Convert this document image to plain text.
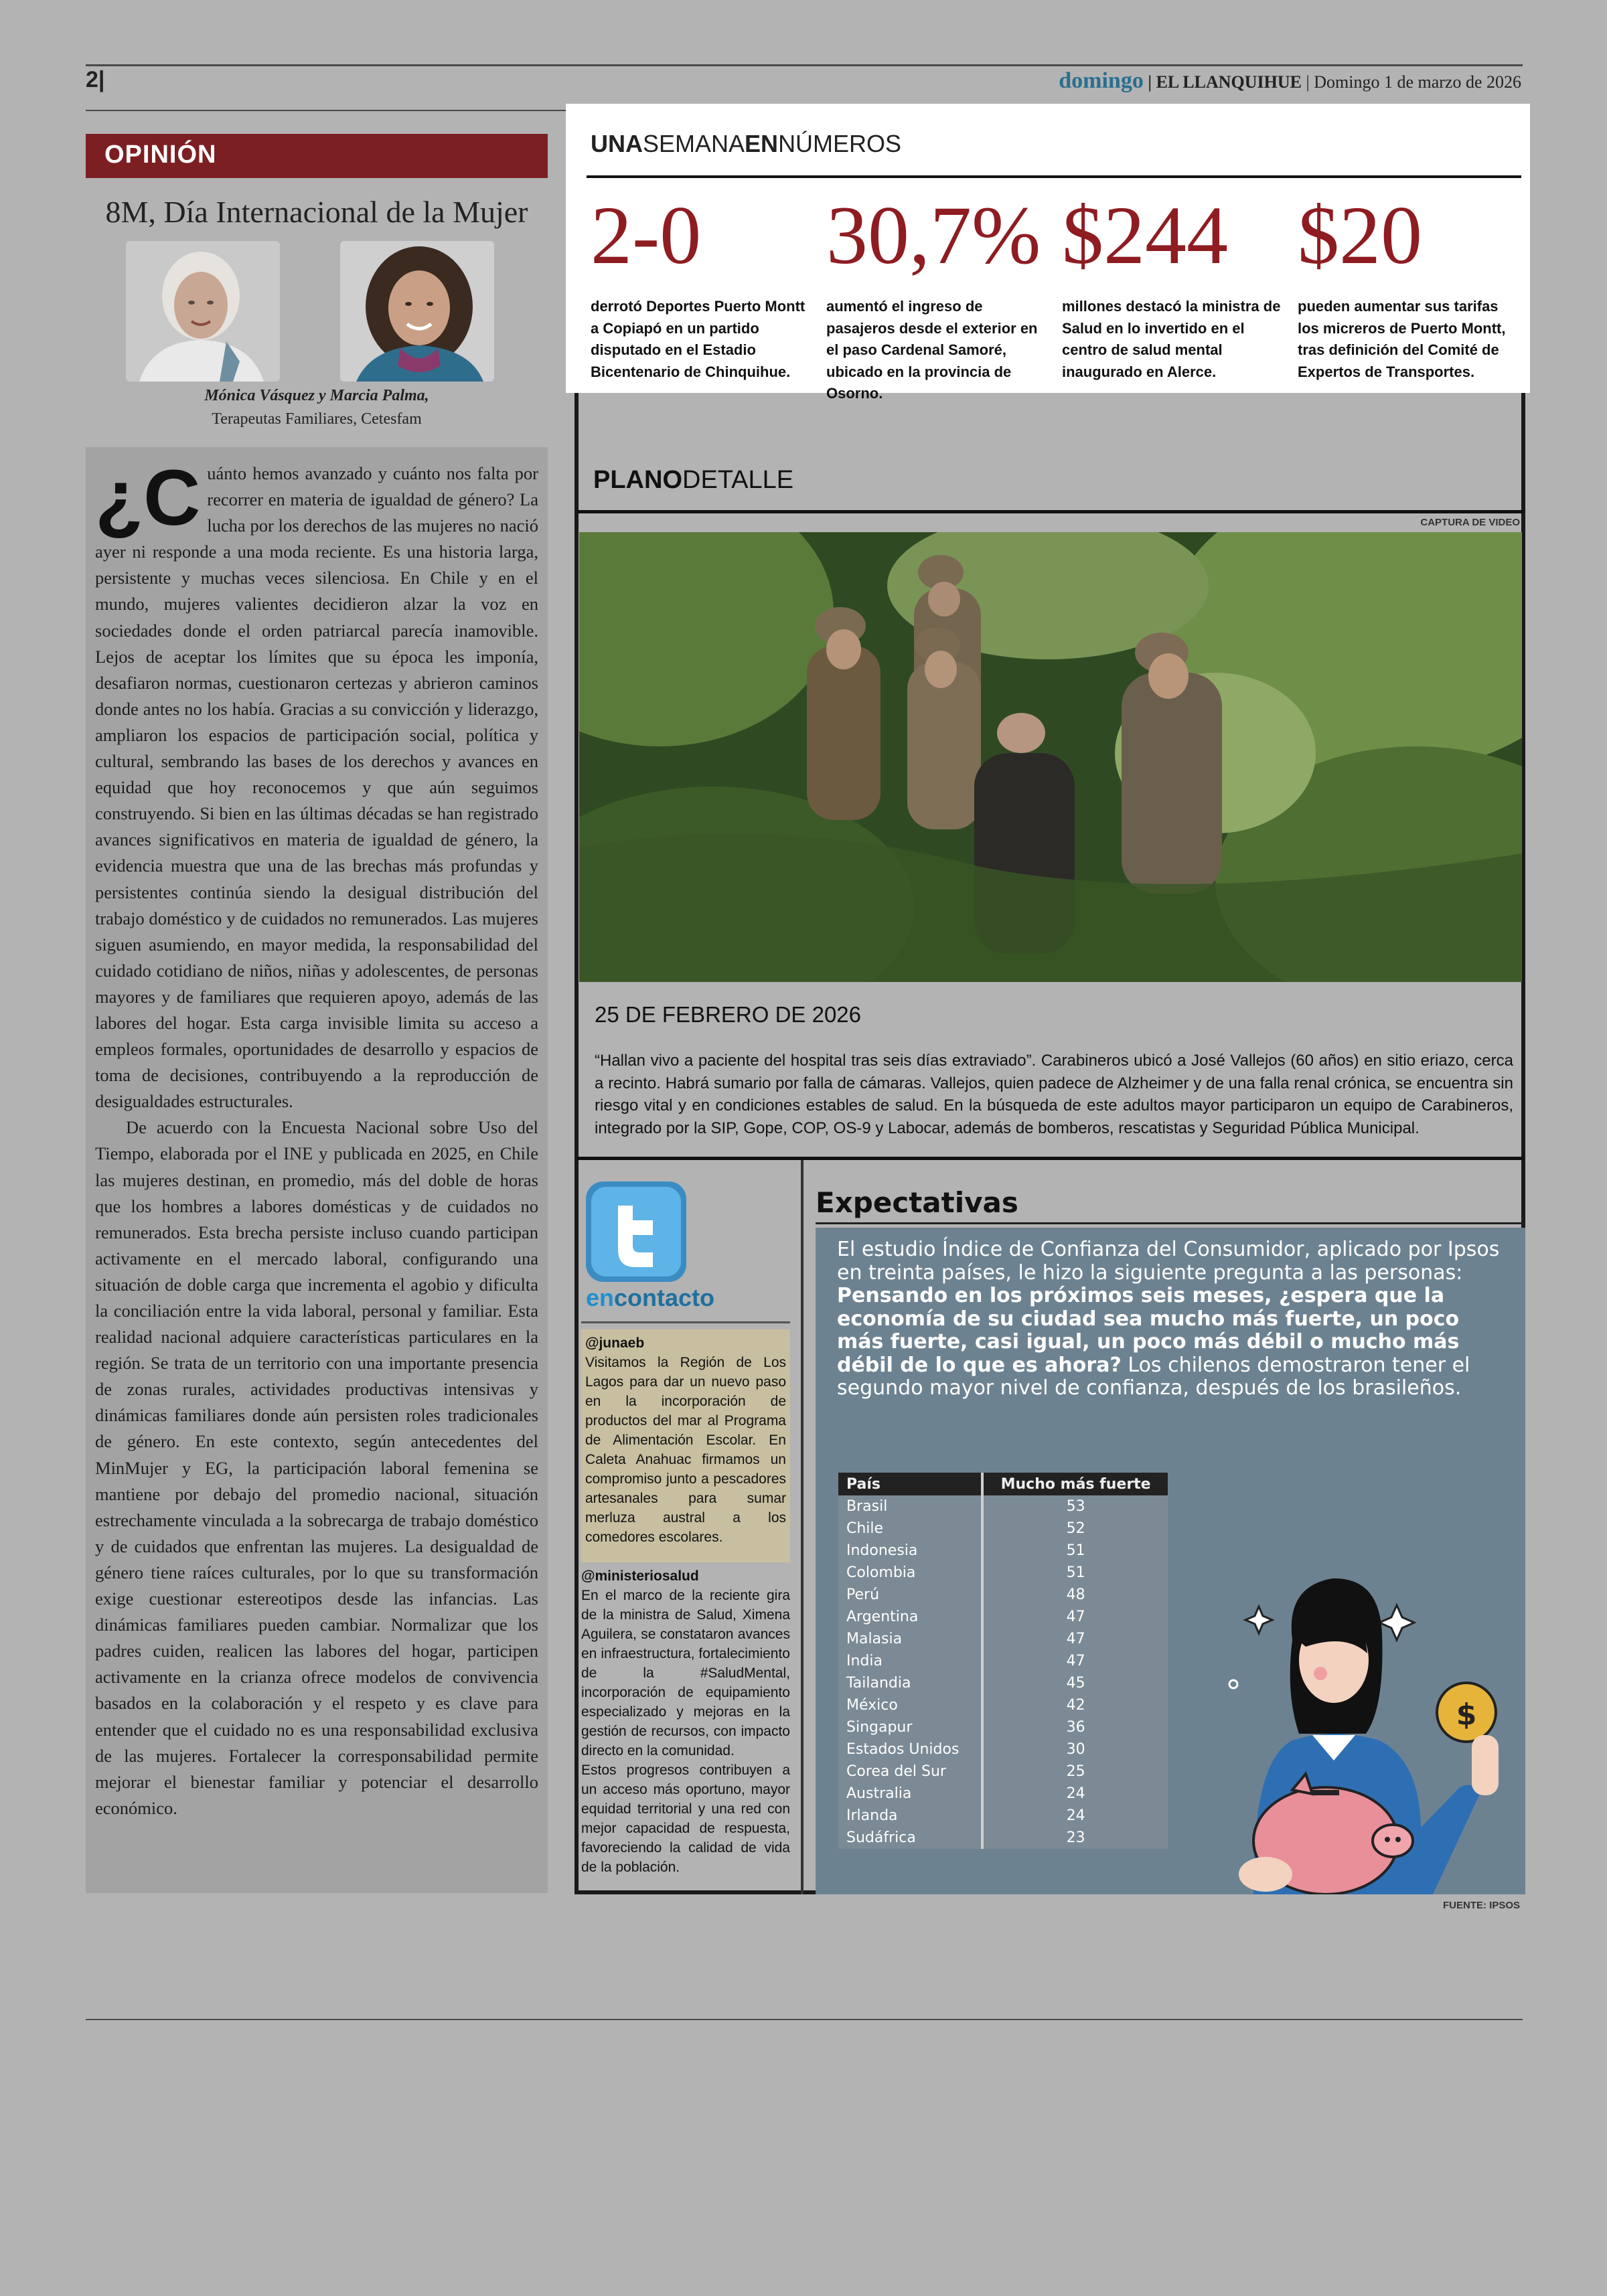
2|	domingo | EL LLANQUIHUE | Domingo 1 de marzo de 2026
OPINIÓN
8M, Día Internacional de la Mujer
Mónica Vásquez y Marcia Palma,
Terapeutas Familiares, Cetesfam

¿C uánto hemos avanzado y cuánto nos falta por recorrer en materia de igualdad de género? La lucha por los derechos de las mujeres no nació ayer ni responde a una moda reciente. Es una historia larga, persistente y muchas veces silenciosa. En Chile y en el mundo, mujeres valientes decidieron alzar la voz en sociedades donde el orden patriarcal parecía inamovible. Lejos de aceptar los límites que su época les imponía, desafiaron normas, cuestionaron certezas y abrieron caminos donde antes no los había. Gracias a su convicción y liderazgo, ampliaron los espacios de participación social, política y cultural, sembrando las bases de los derechos y avances en equidad que hoy reconocemos y que aún seguimos construyendo. Si bien en las últimas décadas se han registrado avances significativos en materia de igualdad de género, la evidencia muestra que una de las brechas más profundas y persistentes continúa siendo la desigual distribución del trabajo doméstico y de cuidados no remunerados. Las mujeres siguen asumiendo, en mayor medida, la responsabilidad del cuidado cotidiano de niños, niñas y adolescentes, de personas mayores y de familiares que requieren apoyo, además de las labores del hogar. Esta carga invisible limita su acceso a empleos formales, oportunidades de desarrollo y espacios de toma de decisiones, contribuyendo a la reproducción de desigualdades estructurales.

De acuerdo con la Encuesta Nacional sobre Uso del Tiempo, elaborada por el INE y publicada en 2025, en Chile las mujeres destinan, en promedio, más del doble de horas que los hombres a labores domésticas y de cuidados no remunerados. Esta brecha persiste incluso cuando participan activamente en el mercado laboral, configurando una situación de doble carga que incrementa el agobio y dificulta la conciliación entre la vida laboral, personal y familiar. Esta realidad nacional adquiere características particulares en la región. Se trata de un territorio con una importante presencia de zonas rurales, actividades productivas intensivas y dinámicas familiares donde aún persisten roles tradicionales de género. En este contexto, según antecedentes del MinMujer y EG, la participación laboral femenina se mantiene por debajo del promedio nacional, situación estrechamente vinculada a la sobrecarga de trabajo doméstico y de cuidados que enfrentan las mujeres. La desigualdad de género tiene raíces culturales, por lo que su transformación exige cuestionar estereotipos desde las infancias. Las dinámicas familiares pueden cambiar. Normalizar que los padres cuiden, realicen las labores del hogar, participen activamente en la crianza ofrece modelos de convivencia basados en la colaboración y el respeto y es clave para entender que el cuidado no es una responsabilidad exclusiva de las mujeres. Fortalecer la corresponsabilidad permite mejorar el bienestar familiar y potenciar el desarrollo económico.

UNASEMANAENNÚMEROS
2-0
derrotó Deportes Puerto Montt a Copiapó en un partido disputado en el Estadio Bicentenario de Chinquihue.
30,7%
aumentó el ingreso de pasajeros desde el exterior en el paso Cardenal Samoré, ubicado en la provincia de Osorno.
$244
millones destacó la ministra de Salud en lo invertido en el centro de salud mental inaugurado en Alerce.
$20
pueden aumentar sus tarifas los micreros de Puerto Montt, tras definición del Comité de Expertos de Transportes.
PLANODETALLE
CAPTURA DE VIDEO
25 DE FEBRERO DE 2026
“Hallan vivo a paciente del hospital tras seis días extraviado”. Carabineros ubicó a José Vallejos (60 años) en sitio eriazo, cerca a recinto. Habrá sumario por falla de cámaras. Vallejos, quien padece de Alzheimer y de una falla renal crónica, se encuentra sin riesgo vital y en condiciones estables de salud. En la búsqueda de este adultos mayor participaron un equipo de Carabineros, integrado por la SIP, Gope, COP, OS-9 y Labocar, además de bomberos, rescatistas y Seguridad Pública Municipal.
encontacto
@junaeb
Visitamos la Región de Los Lagos para dar un nuevo paso en la incorporación de productos del mar al Programa de Alimentación Escolar. En Caleta Anahuac firmamos un compromiso junto a pescadores artesanales para sumar merluza austral a los comedores escolares.
@ministeriosalud
En el marco de la reciente gira de la ministra de Salud, Ximena Aguilera, se constataron avances en infraestructura, fortalecimiento de la #SaludMental, incorporación de equipamiento especializado y mejoras en la gestión de recursos, con impacto directo en la comunidad.
Estos progresos contribuyen a un acceso más oportuno, mayor equidad territorial y una red con mejor capacidad de respuesta, favoreciendo la calidad de vida de la población.
Expectativas
El estudio Índice de Confianza del Consumidor, aplicado por Ipsos en treinta países, le hizo la siguiente pregunta a las personas: Pensando en los próximos seis meses, ¿espera que la economía de su ciudad sea mucho más fuerte, un poco más fuerte, casi igual, un poco más débil o mucho más débil de lo que es ahora? Los chilenos demostraron tener el segundo mayor nivel de confianza, después de los brasileños.
País	Mucho más fuerte
Brasil	53
Chile	52
Indonesia	51
Colombia	51
Perú	48
Argentina	47
Malasia	47
India	47
Tailandia	45
México	42
Singapur	36
Estados Unidos	30
Corea del Sur	25
Australia	24
Irlanda	24
Sudáfrica	23
$
FUENTE: IPSOS
